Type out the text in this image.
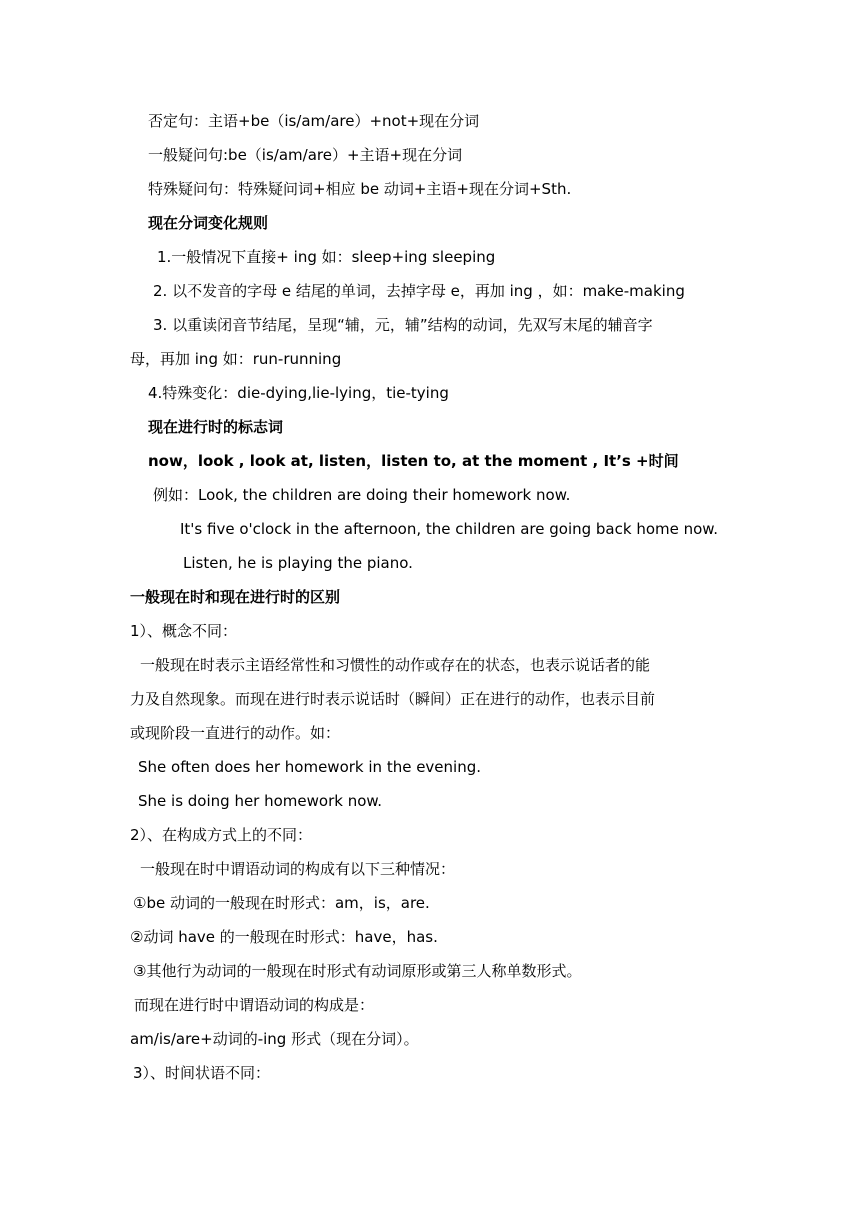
否定句：主语+be（is/am/are）+not+现在分词
一般疑问句:be（is/am/are）+主语+现在分词
特殊疑问句：特殊疑问词+相应 be 动词+主语+现在分词+Sth.
现在分词变化规则
1.一般情况下直接+ ing 如：sleep+ing sleeping
2. 以不发音的字母 e 结尾的单词，去掉字母 e，再加 ing ，如：make-making
3. 以重读闭音节结尾，呈现“辅，元，辅”结构的动词，先双写末尾的辅音字
母，再加 ing 如：run-running
4.特殊变化：die-dying,lie-lying，tie-tying
现在进行时的标志词
now，look , look at, listen，listen to, at the moment , It’s +时间
例如：Look, the children are doing their homework now.
It's five o'clock in the afternoon, the children are going back home now.
Listen, he is playing the piano.
一般现在时和现在进行时的区别
1）、概念不同：
一般现在时表示主语经常性和习惯性的动作或存在的状态，也表示说话者的能
力及自然现象。而现在进行时表示说话时（瞬间）正在进行的动作，也表示目前
或现阶段一直进行的动作。如：
She often does her homework in the evening.
She is doing her homework now.
2）、在构成方式上的不同：
一般现在时中谓语动词的构成有以下三种情况：
①be 动词的一般现在时形式：am，is，are.
②动词 have 的一般现在时形式：have，has.
③其他行为动词的一般现在时形式有动词原形或第三人称单数形式。
而现在进行时中谓语动词的构成是：
am/is/are+动词的-ing 形式（现在分词）。
3）、时间状语不同：
